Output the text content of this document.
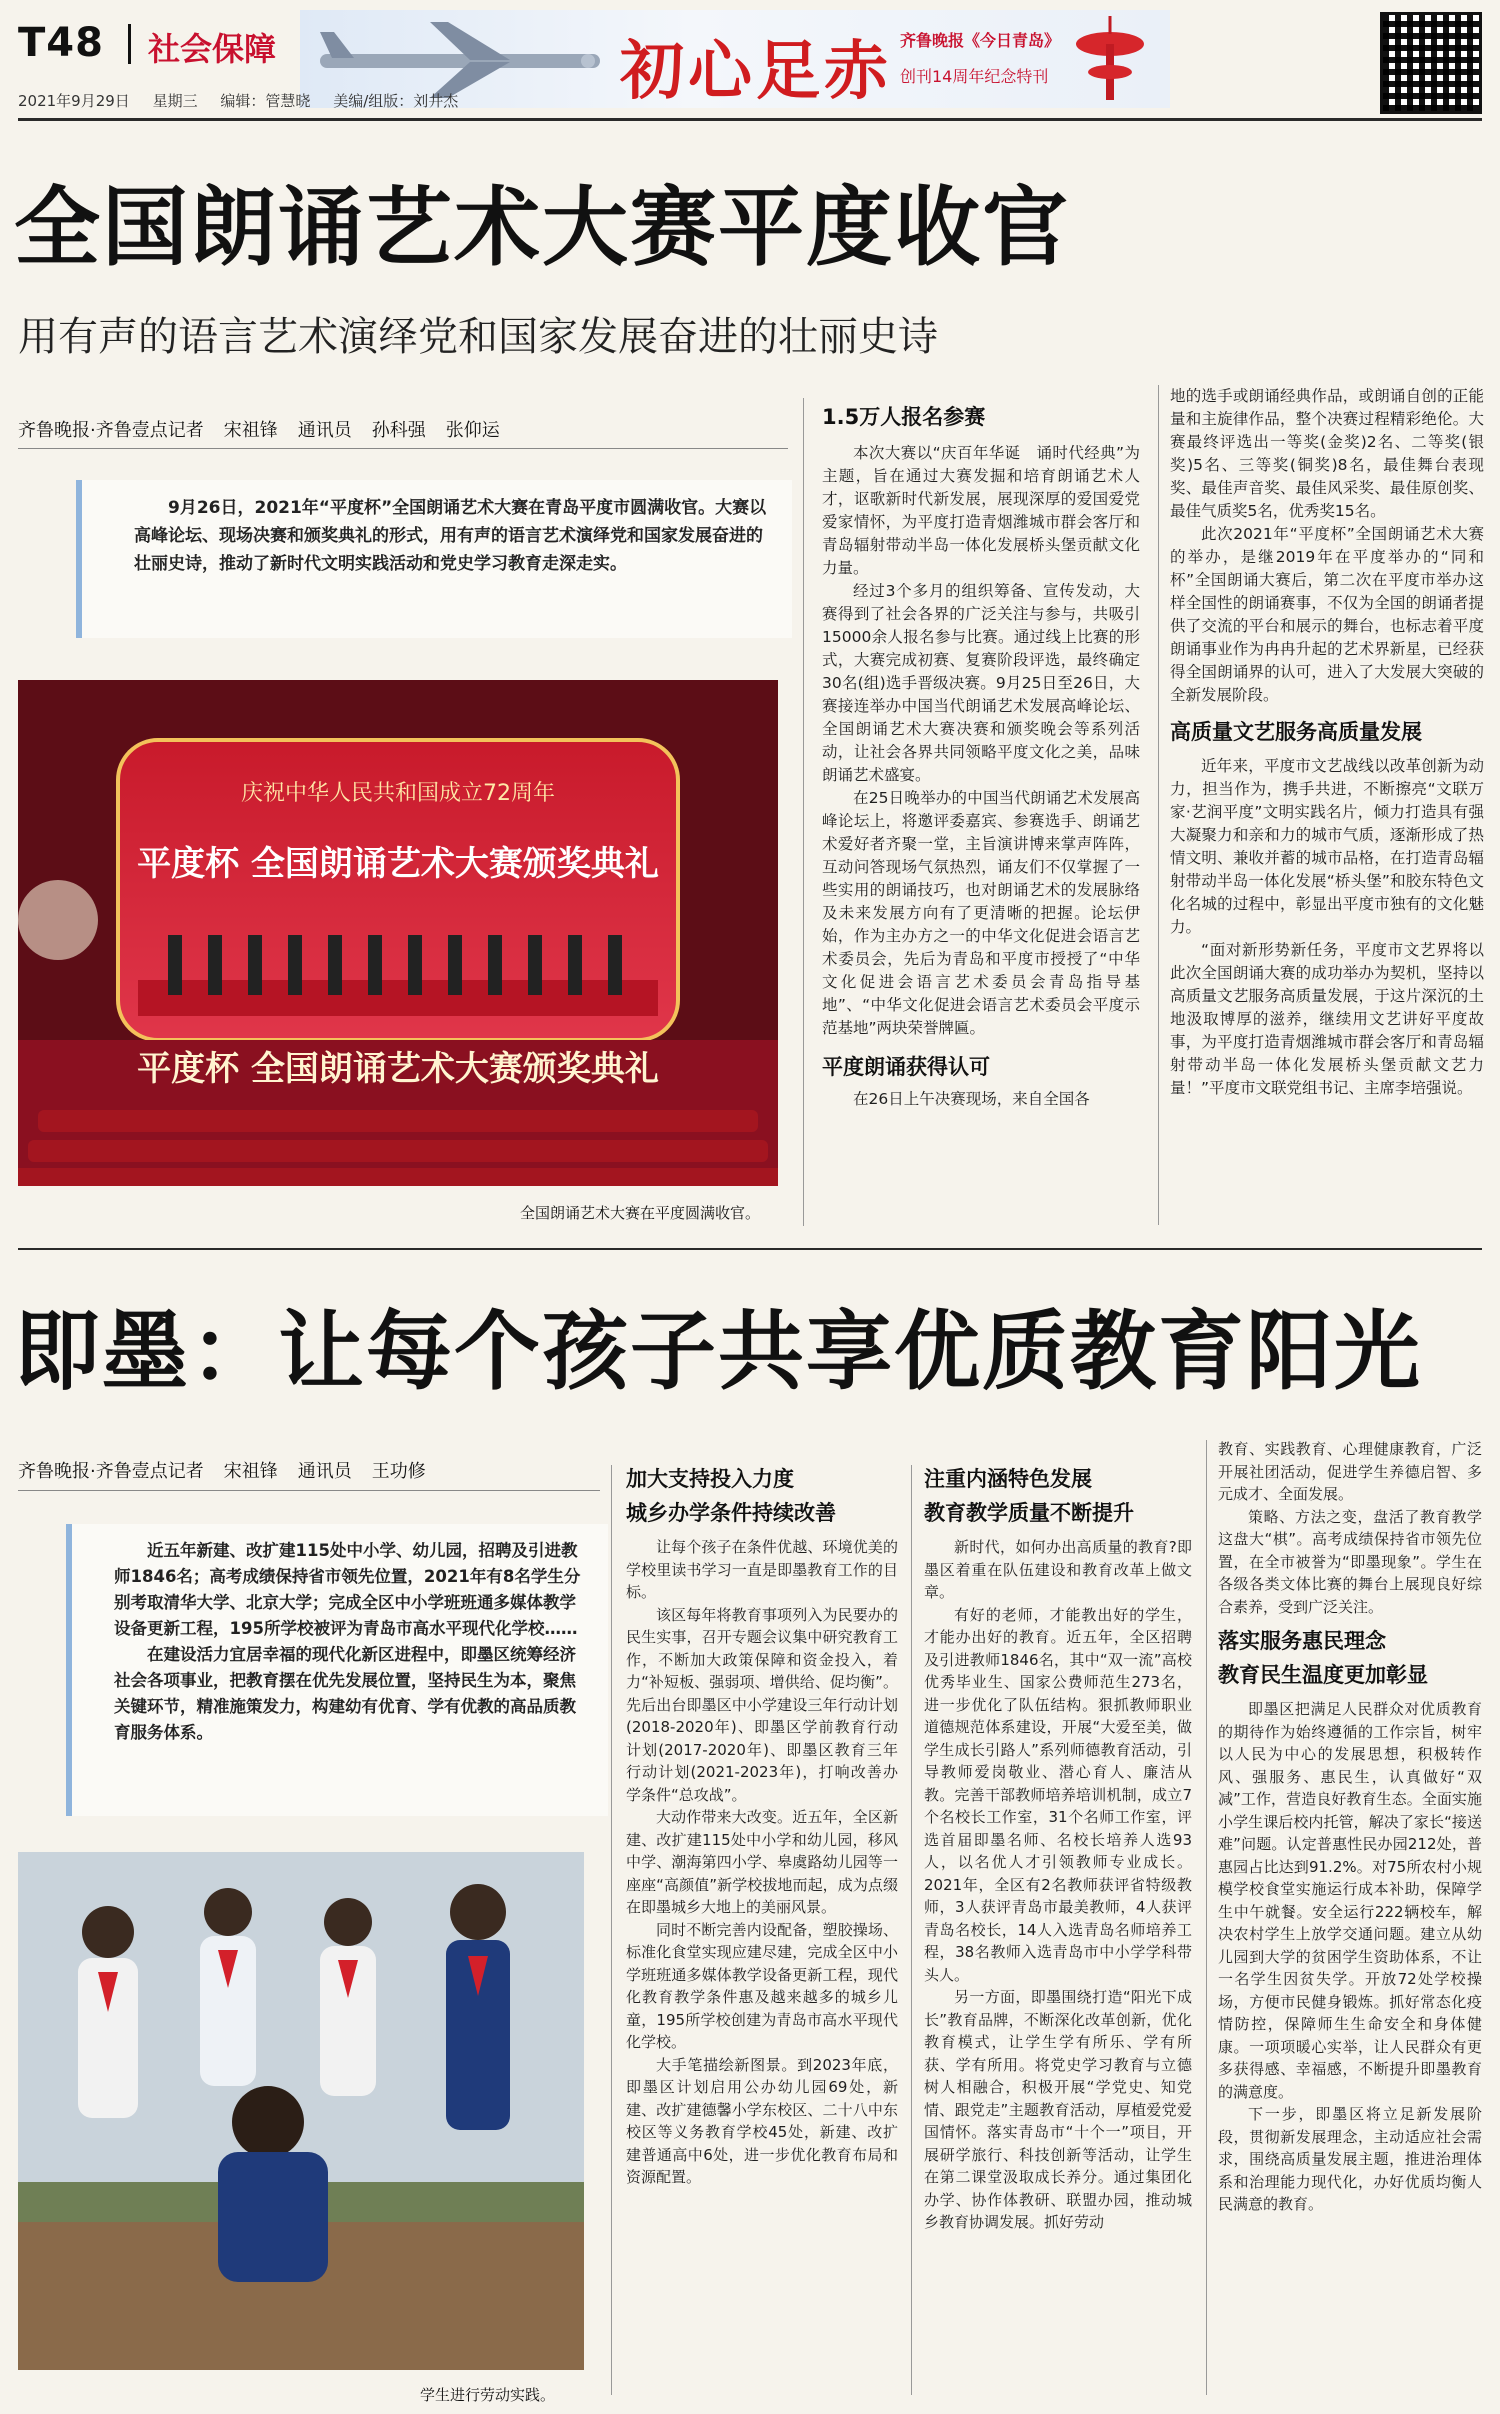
T48 社会保障	初心足赤 齐鲁晚报《今日青岛》
创刊14周年纪念特刊
2021年9月29日 星期三 编辑：管慧晓 美编/组版：刘井杰
全国朗诵艺术大赛平度收官
用有声的语言艺术演绎党和国家发展奋进的壮丽史诗
齐鲁晚报·齐鲁壹点记者 宋祖锋 通讯员 孙科强 张仰运

9月26日，2021年“平度杯”全国朗诵艺术大赛在青岛平度市圆满收官。大赛以高峰论坛、现场决赛和颁奖典礼的形式，用有声的语言艺术演绎党和国家发展奋进的壮丽史诗，推动了新时代文明实践活动和党史学习教育走深走实。

庆祝中华人民共和国成立72周年
平度杯 全国朗诵艺术大赛颁奖典礼
平度杯 全国朗诵艺术大赛颁奖典礼
全国朗诵艺术大赛在平度圆满收官。
1.5万人报名参赛

本次大赛以“庆百年华诞　诵时代经典”为主题，旨在通过大赛发掘和培育朗诵艺术人才，讴歌新时代新发展，展现深厚的爱国爱党爱家情怀，为平度打造青烟潍城市群会客厅和青岛辐射带动半岛一体化发展桥头堡贡献文化力量。

经过3个多月的组织筹备、宣传发动，大赛得到了社会各界的广泛关注与参与，共吸引15000余人报名参与比赛。通过线上比赛的形式，大赛完成初赛、复赛阶段评选，最终确定30名(组)选手晋级决赛。9月25日至26日，大赛接连举办中国当代朗诵艺术发展高峰论坛、全国朗诵艺术大赛决赛和颁奖晚会等系列活动，让社会各界共同领略平度文化之美，品味朗诵艺术盛宴。

在25日晚举办的中国当代朗诵艺术发展高峰论坛上，将邀评委嘉宾、参赛选手、朗诵艺术爱好者齐聚一堂，主旨演讲博来掌声阵阵，互动问答现场气氛热烈，诵友们不仅掌握了一些实用的朗诵技巧，也对朗诵艺术的发展脉络及未来发展方向有了更清晰的把握。论坛伊始，作为主办方之一的中华文化促进会语言艺术委员会，先后为青岛和平度市授授了“中华文化促进会语言艺术委员会青岛指导基地”、“中华文化促进会语言艺术委员会平度示范基地”两块荣誉牌匾。

平度朗诵获得认可

在26日上午决赛现场，来自全国各

地的选手或朗诵经典作品，或朗诵自创的正能量和主旋律作品，整个决赛过程精彩绝伦。大赛最终评选出一等奖(金奖)2名、二等奖(银奖)5名、三等奖(铜奖)8名，最佳舞台表现奖、最佳声音奖、最佳风采奖、最佳原创奖、最佳气质奖5名，优秀奖15名。

此次2021年“平度杯”全国朗诵艺术大赛的举办，是继2019年在平度举办的“同和杯”全国朗诵大赛后，第二次在平度市举办这样全国性的朗诵赛事，不仅为全国的朗诵者提供了交流的平台和展示的舞台，也标志着平度朗诵事业作为冉冉升起的艺术界新星，已经获得全国朗诵界的认可，进入了大发展大突破的全新发展阶段。

高质量文艺服务高质量发展

近年来，平度市文艺战线以改革创新为动力，担当作为，携手共进，不断擦亮“文联万家·艺润平度”文明实践名片，倾力打造具有强大凝聚力和亲和力的城市气质，逐渐形成了热情文明、兼收并蓄的城市品格，在打造青岛辐射带动半岛一体化发展“桥头堡”和胶东特色文化名城的过程中，彰显出平度市独有的文化魅力。

“面对新形势新任务，平度市文艺界将以此次全国朗诵大赛的成功举办为契机，坚持以高质量文艺服务高质量发展，于这片深沉的土地汲取博厚的滋养，继续用文艺讲好平度故事，为平度打造青烟潍城市群会客厅和青岛辐射带动半岛一体化发展桥头堡贡献文艺力量！”平度市文联党组书记、主席李培强说。

即墨：让每个孩子共享优质教育阳光
齐鲁晚报·齐鲁壹点记者 宋祖锋 通讯员 王功修

近五年新建、改扩建115处中小学、幼儿园，招聘及引进教师1846名；高考成绩保持省市领先位置，2021年有8名学生分别考取清华大学、北京大学；完成全区中小学班班通多媒体教学设备更新工程，195所学校被评为青岛市高水平现代化学校……

在建设活力宜居幸福的现代化新区进程中，即墨区统筹经济社会各项事业，把教育摆在优先发展位置，坚持民生为本，聚焦关键环节，精准施策发力，构建幼有优育、学有优教的高品质教育服务体系。

学生进行劳动实践。
加大支持投入力度
城乡办学条件持续改善

让每个孩子在条件优越、环境优美的学校里读书学习一直是即墨教育工作的目标。

该区每年将教育事项列入为民要办的民生实事，召开专题会议集中研究教育工作，不断加大政策保障和资金投入，着力“补短板、强弱项、增供给、促均衡”。先后出台即墨区中小学建设三年行动计划(2018-2020年)、即墨区学前教育行动计划(2017-2020年)、即墨区教育三年行动计划(2021-2023年)，打响改善办学条件“总攻战”。

大动作带来大改变。近五年，全区新建、改扩建115处中小学和幼儿园，移风中学、潮海第四小学、皋虞路幼儿园等一座座“高颜值”新学校拔地而起，成为点缀在即墨城乡大地上的美丽风景。

同时不断完善内设配备，塑胶操场、标准化食堂实现应建尽建，完成全区中小学班班通多媒体教学设备更新工程，现代化教育教学条件惠及越来越多的城乡儿童，195所学校创建为青岛市高水平现代化学校。

大手笔描绘新图景。到2023年底，即墨区计划启用公办幼儿园69处，新建、改扩建德馨小学东校区、二十八中东校区等义务教育学校45处，新建、改扩建普通高中6处，进一步优化教育布局和资源配置。

注重内涵特色发展
教育教学质量不断提升

新时代，如何办出高质量的教育?即墨区着重在队伍建设和教育改革上做文章。

有好的老师，才能教出好的学生，才能办出好的教育。近五年，全区招聘及引进教师1846名，其中“双一流”高校优秀毕业生、国家公费师范生273名，进一步优化了队伍结构。狠抓教师职业道德规范体系建设，开展“大爱至美，做学生成长引路人”系列师德教育活动，引导教师爱岗敬业、潜心育人、廉洁从教。完善干部教师培养培训机制，成立7个名校长工作室，31个名师工作室，评选首届即墨名师、名校长培养人选93人，以名优人才引领教师专业成长。2021年，全区有2名教师获评省特级教师，3人获评青岛市最美教师，4人获评青岛名校长，14人入选青岛名师培养工程，38名教师入选青岛市中小学学科带头人。

另一方面，即墨围绕打造“阳光下成长”教育品牌，不断深化改革创新，优化教育模式，让学生学有所乐、学有所获、学有所用。将党史学习教育与立德树人相融合，积极开展“学党史、知党情、跟党走”主题教育活动，厚植爱党爱国情怀。落实青岛市“十个一”项目，开展研学旅行、科技创新等活动，让学生在第二课堂汲取成长养分。通过集团化办学、协作体教研、联盟办园，推动城乡教育协调发展。抓好劳动

教育、实践教育、心理健康教育，广泛开展社团活动，促进学生养德启智、多元成才、全面发展。

策略、方法之变，盘活了教育教学这盘大“棋”。高考成绩保持省市领先位置，在全市被誉为“即墨现象”。学生在各级各类文体比赛的舞台上展现良好综合素养，受到广泛关注。

落实服务惠民理念
教育民生温度更加彰显

即墨区把满足人民群众对优质教育的期待作为始终遵循的工作宗旨，树牢以人民为中心的发展思想，积极转作风、强服务、惠民生，认真做好“双减”工作，营造良好教育生态。全面实施小学生课后校内托管，解决了家长“接送难”问题。认定普惠性民办园212处，普惠园占比达到91.2%。对75所农村小规模学校食堂实施运行成本补助，保障学生中午就餐。安全运行222辆校车，解决农村学生上放学交通问题。建立从幼儿园到大学的贫困学生资助体系，不让一名学生因贫失学。开放72处学校操场，方便市民健身锻炼。抓好常态化疫情防控，保障师生生命安全和身体健康。一项项暖心实举，让人民群众有更多获得感、幸福感，不断提升即墨教育的满意度。

下一步，即墨区将立足新发展阶段，贯彻新发展理念，主动适应社会需求，围绕高质量发展主题，推进治理体系和治理能力现代化，办好优质均衡人民满意的教育。
